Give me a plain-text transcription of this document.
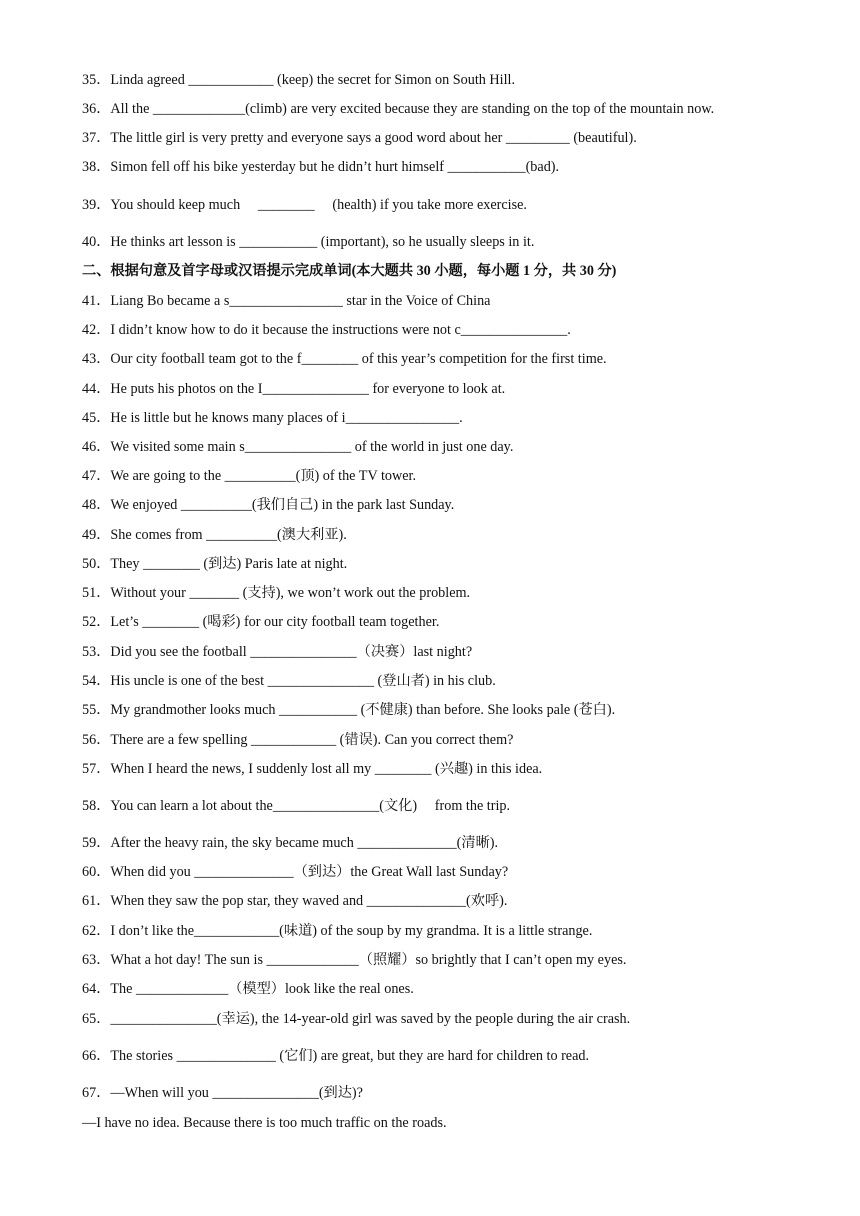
35．Linda agreed ____________ (keep) the secret for Simon on South Hill.
36．All the _____________(climb) are very excited because they are standing on the top of the mountain now.
37．The little girl is very pretty and everyone says a good word about her _________ (beautiful).
38．Simon fell off his bike yesterday but he didn’t hurt himself ___________(bad).
39．You should keep much     ________     (health) if you take more exercise.
40．He thinks art lesson is ___________ (important), so he usually sleeps in it.
二、根据句意及首字母或汉语提示完成单词(本大题共 30 小题，每小题 1 分，共 30 分)
41．Liang Bo became a s________________ star in the Voice of China
42．I didn’t know how to do it because the instructions were not c_______________.
43．Our city football team got to the f________ of this year’s competition for the first time.
44．He puts his photos on the I_______________ for everyone to look at.
45．He is little but he knows many places of i________________.
46．We visited some main s_______________ of the world in just one day.
47．We are going to the __________(顶) of the TV tower.
48．We enjoyed __________(我们自己) in the park last Sunday.
49．She comes from __________(澳大利亚).
50．They ________ (到达) Paris late at night.
51．Without your _______ (支持), we won’t work out the problem.
52．Let’s ________ (喝彩) for our city football team together.
53．Did you see the football _______________（决赛）last night?
54．His uncle is one of the best _______________ (登山者) in his club.
55．My grandmother looks much ___________ (不健康) than before. She looks pale (苍白).
56．There are a few spelling ____________ (错误). Can you correct them?
57．When I heard the news, I suddenly lost all my ________ (兴趣) in this idea.
58．You can learn a lot about the_______________(文化)     from the trip.
59．After the heavy rain, the sky became much ______________(清晰).
60．When did you ______________（到达）the Great Wall last Sunday?
61．When they saw the pop star, they waved and ______________(欢呼).
62．I don’t like the____________(味道) of the soup by my grandma. It is a little strange.
63．What a hot day! The sun is _____________（照耀）so brightly that I can’t open my eyes.
64．The _____________（模型）look like the real ones.
65．_______________(幸运), the 14-year-old girl was saved by the people during the air crash.
66．The stories ______________ (它们) are great, but they are hard for children to read.
67．—When will you _______________(到达)?
—I have no idea. Because there is too much traffic on the roads.
